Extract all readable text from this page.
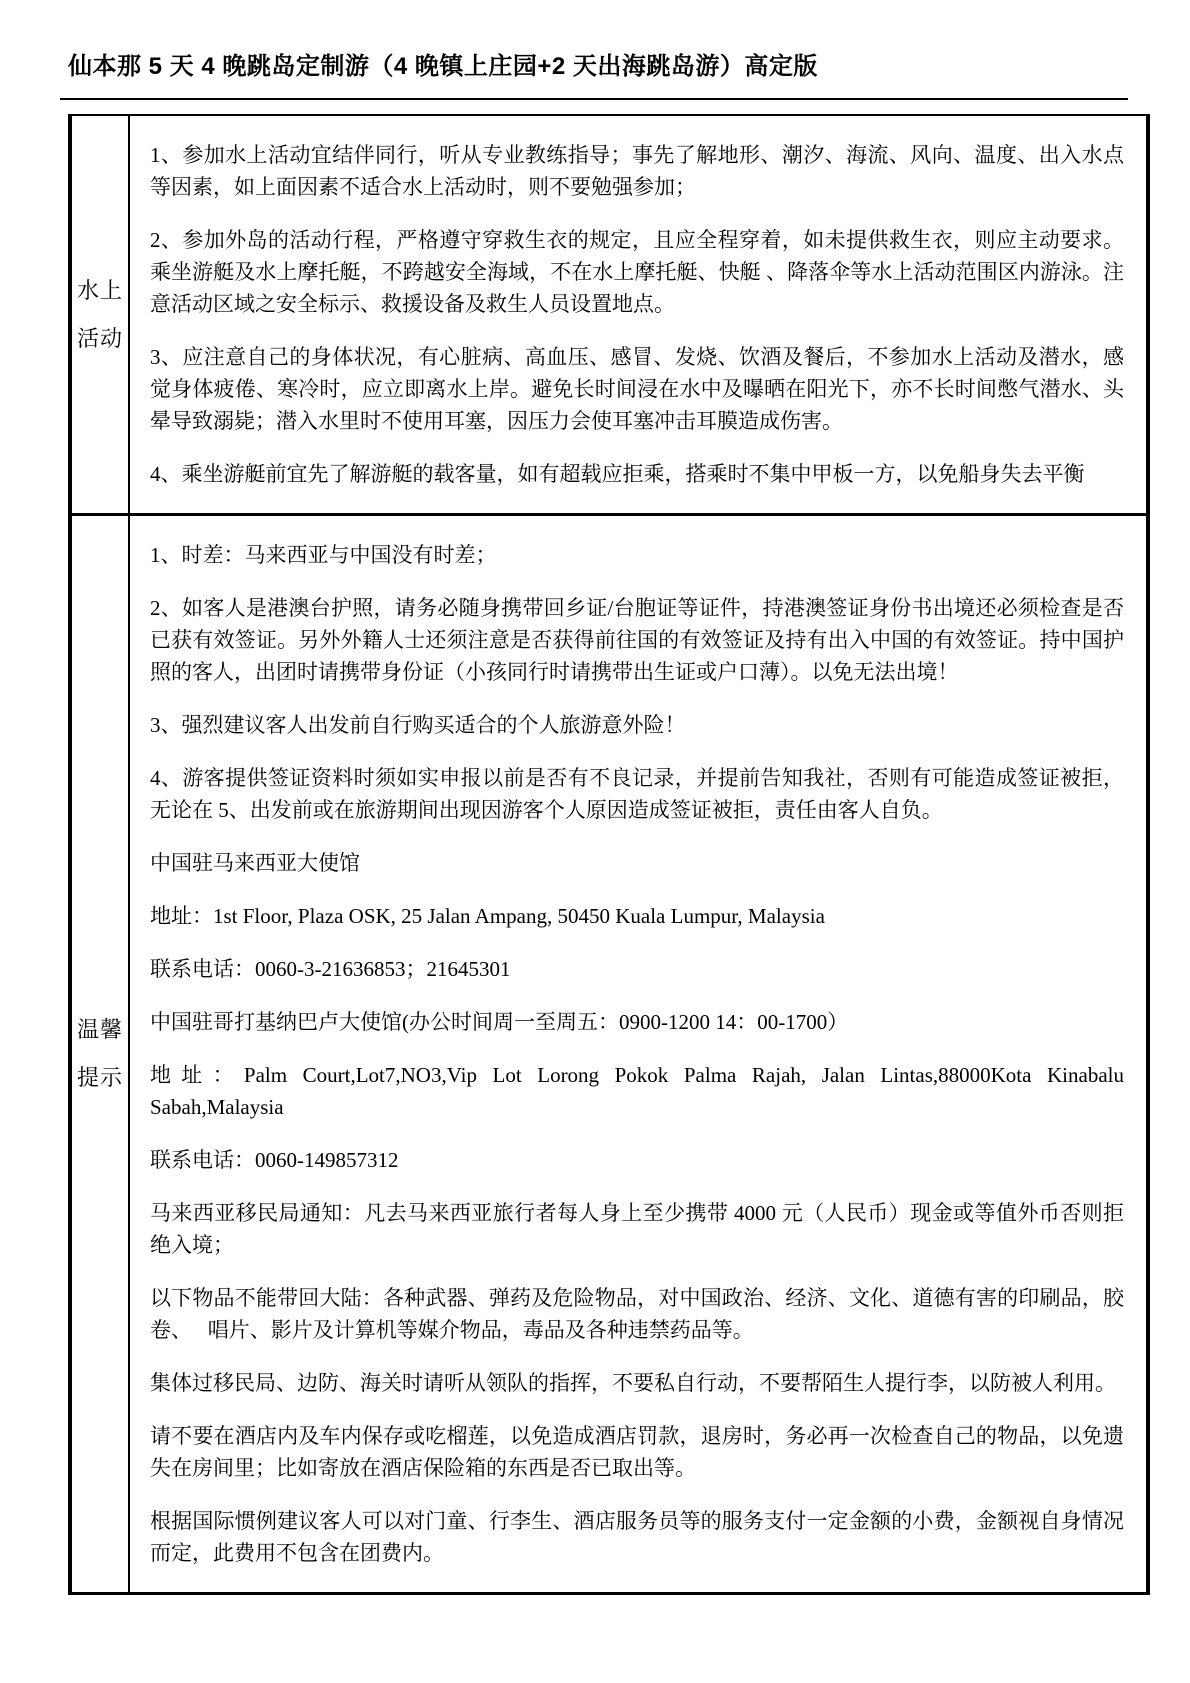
仙本那 5 天 4 晚跳岛定制游（4 晚镇上庄园+2 天出海跳岛游）高定版
水上
活动

1、参加水上活动宜结伴同行，听从专业教练指导；事先了解地形、潮汐、海流、风向、温度、出入水点等因素，如上面因素不适合水上活动时，则不要勉强参加；

2、参加外岛的活动行程，严格遵守穿救生衣的规定，且应全程穿着，如未提供救生衣，则应主动要求。乘坐游艇及水上摩托艇，不跨越安全海域，不在水上摩托艇、快艇 、降落伞等水上活动范围区内游泳。注意活动区域之安全标示、救援设备及救生人员设置地点。

3、应注意自己的身体状况，有心脏病、高血压、感冒、发烧、饮酒及餐后，不参加水上活动及潜水，感觉身体疲倦、寒冷时，应立即离水上岸。避免长时间浸在水中及曝晒在阳光下，亦不长时间憋气潜水、头晕导致溺毙；潜入水里时不使用耳塞，因压力会使耳塞冲击耳膜造成伤害。

4、乘坐游艇前宜先了解游艇的载客量，如有超载应拒乘，搭乘时不集中甲板一方，以免船身失去平衡

温馨
提示

1、时差：马来西亚与中国没有时差；

2、如客人是港澳台护照，请务必随身携带回乡证/台胞证等证件，持港澳签证身份书出境还必须检查是否已获有效签证。另外外籍人士还须注意是否获得前往国的有效签证及持有出入中国的有效签证。持中国护照的客人，出团时请携带身份证（小孩同行时请携带出生证或户口薄）。以免无法出境！

3、强烈建议客人出发前自行购买适合的个人旅游意外险！

4、游客提供签证资料时须如实申报以前是否有不良记录，并提前告知我社，否则有可能造成签证被拒，无论在 5、出发前或在旅游期间出现因游客个人原因造成签证被拒，责任由客人自负。

中国驻马来西亚大使馆

地址：1st Floor, Plaza OSK, 25 Jalan Ampang, 50450 Kuala Lumpur, Malaysia

联系电话：0060-3-21636853；21645301

中国驻哥打基纳巴卢大使馆(办公时间周一至周五：0900-1200 14：00-1700）

地址：Palm Court,Lot7,NO3,Vip Lot Lorong Pokok Palma Rajah, Jalan Lintas,88000Kota Kinabalu Sabah,Malaysia

联系电话：0060-149857312

马来西亚移民局通知：凡去马来西亚旅行者每人身上至少携带 4000 元（人民币）现金或等值外币否则拒绝入境；

以下物品不能带回大陆：各种武器、弹药及危险物品，对中国政治、经济、文化、道德有害的印刷品，胶卷、　 唱片、影片及计算机等媒介物品，毒品及各种违禁药品等。

集体过移民局、边防、海关时请听从领队的指挥，不要私自行动，不要帮陌生人提行李，以防被人利用。

请不要在酒店内及车内保存或吃榴莲，以免造成酒店罚款，退房时，务必再一次检查自己的物品，以免遗失在房间里；比如寄放在酒店保险箱的东西是否已取出等。

根据国际惯例建议客人可以对门童、行李生、酒店服务员等的服务支付一定金额的小费，金额视自身情况而定，此费用不包含在团费内。
